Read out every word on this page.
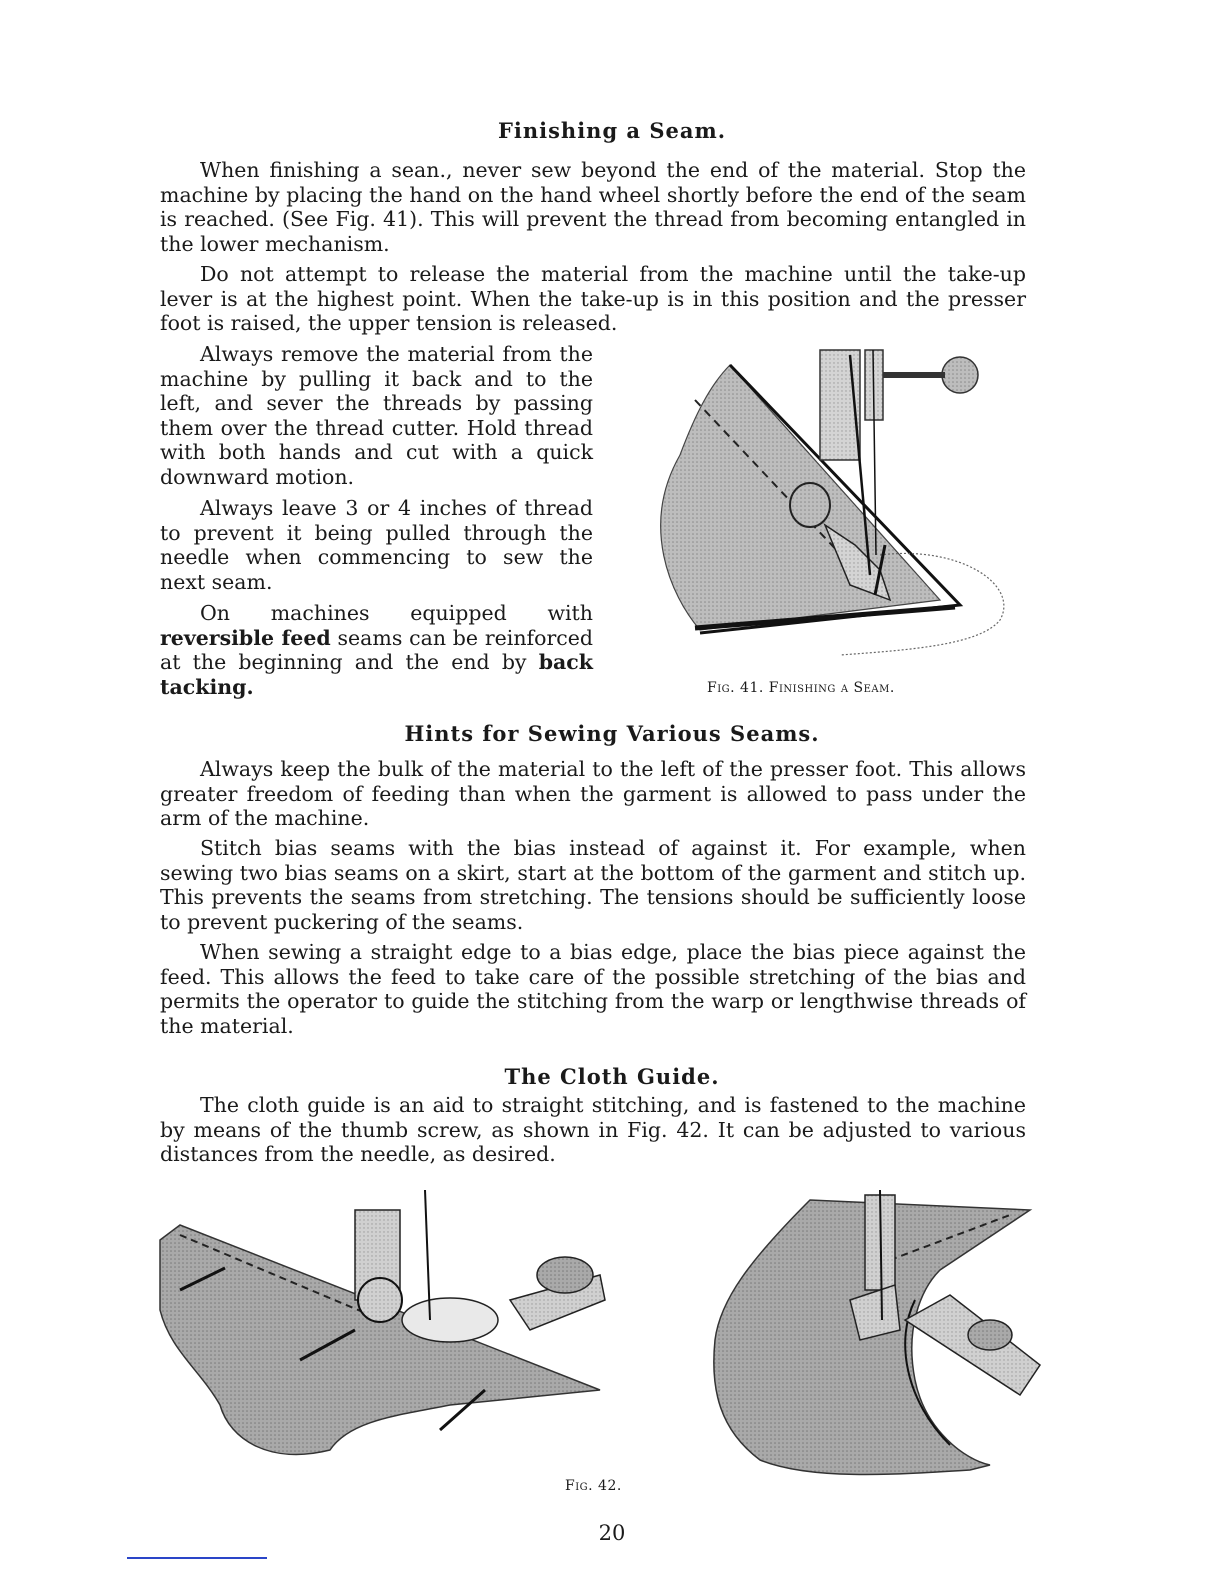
Finishing a Seam.

When finishing a sean., never sew beyond the end of the material. Stop the machine by placing the hand on the hand wheel shortly before the end of the seam is reached. (See Fig. 41). This will prevent the thread from becoming entangled in the lower mechanism.

Do not attempt to release the material from the machine until the take-up lever is at the highest point. When the take-up is in this position and the presser foot is raised, the upper tension is released.

Always remove the material from the machine by pulling it back and to the left, and sever the threads by passing them over the thread cutter. Hold thread with both hands and cut with a quick downward motion.

Always leave 3 or 4 inches of thread to prevent it being pulled through the needle when commencing to sew the next seam.

On machines equipped with reversible feed seams can be reinforced at the beginning and the end by back tacking.	Fig. 41. Finishing a Seam.
Hints for Sewing Various Seams.

Always keep the bulk of the material to the left of the presser foot. This allows greater freedom of feeding than when the garment is allowed to pass under the arm of the machine.

Stitch bias seams with the bias instead of against it. For example, when sewing two bias seams on a skirt, start at the bottom of the garment and stitch up. This prevents the seams from stretching. The tensions should be sufficiently loose to prevent puckering of the seams.

When sewing a straight edge to a bias edge, place the bias piece against the feed. This allows the feed to take care of the possible stretching of the bias and permits the operator to guide the stitching from the warp or lengthwise threads of the material.

The Cloth Guide.

The cloth guide is an aid to straight stitching, and is fastened to the machine by means of the thumb screw, as shown in Fig. 42. It can be adjusted to various distances from the needle, as desired.

Fig. 42.
20
